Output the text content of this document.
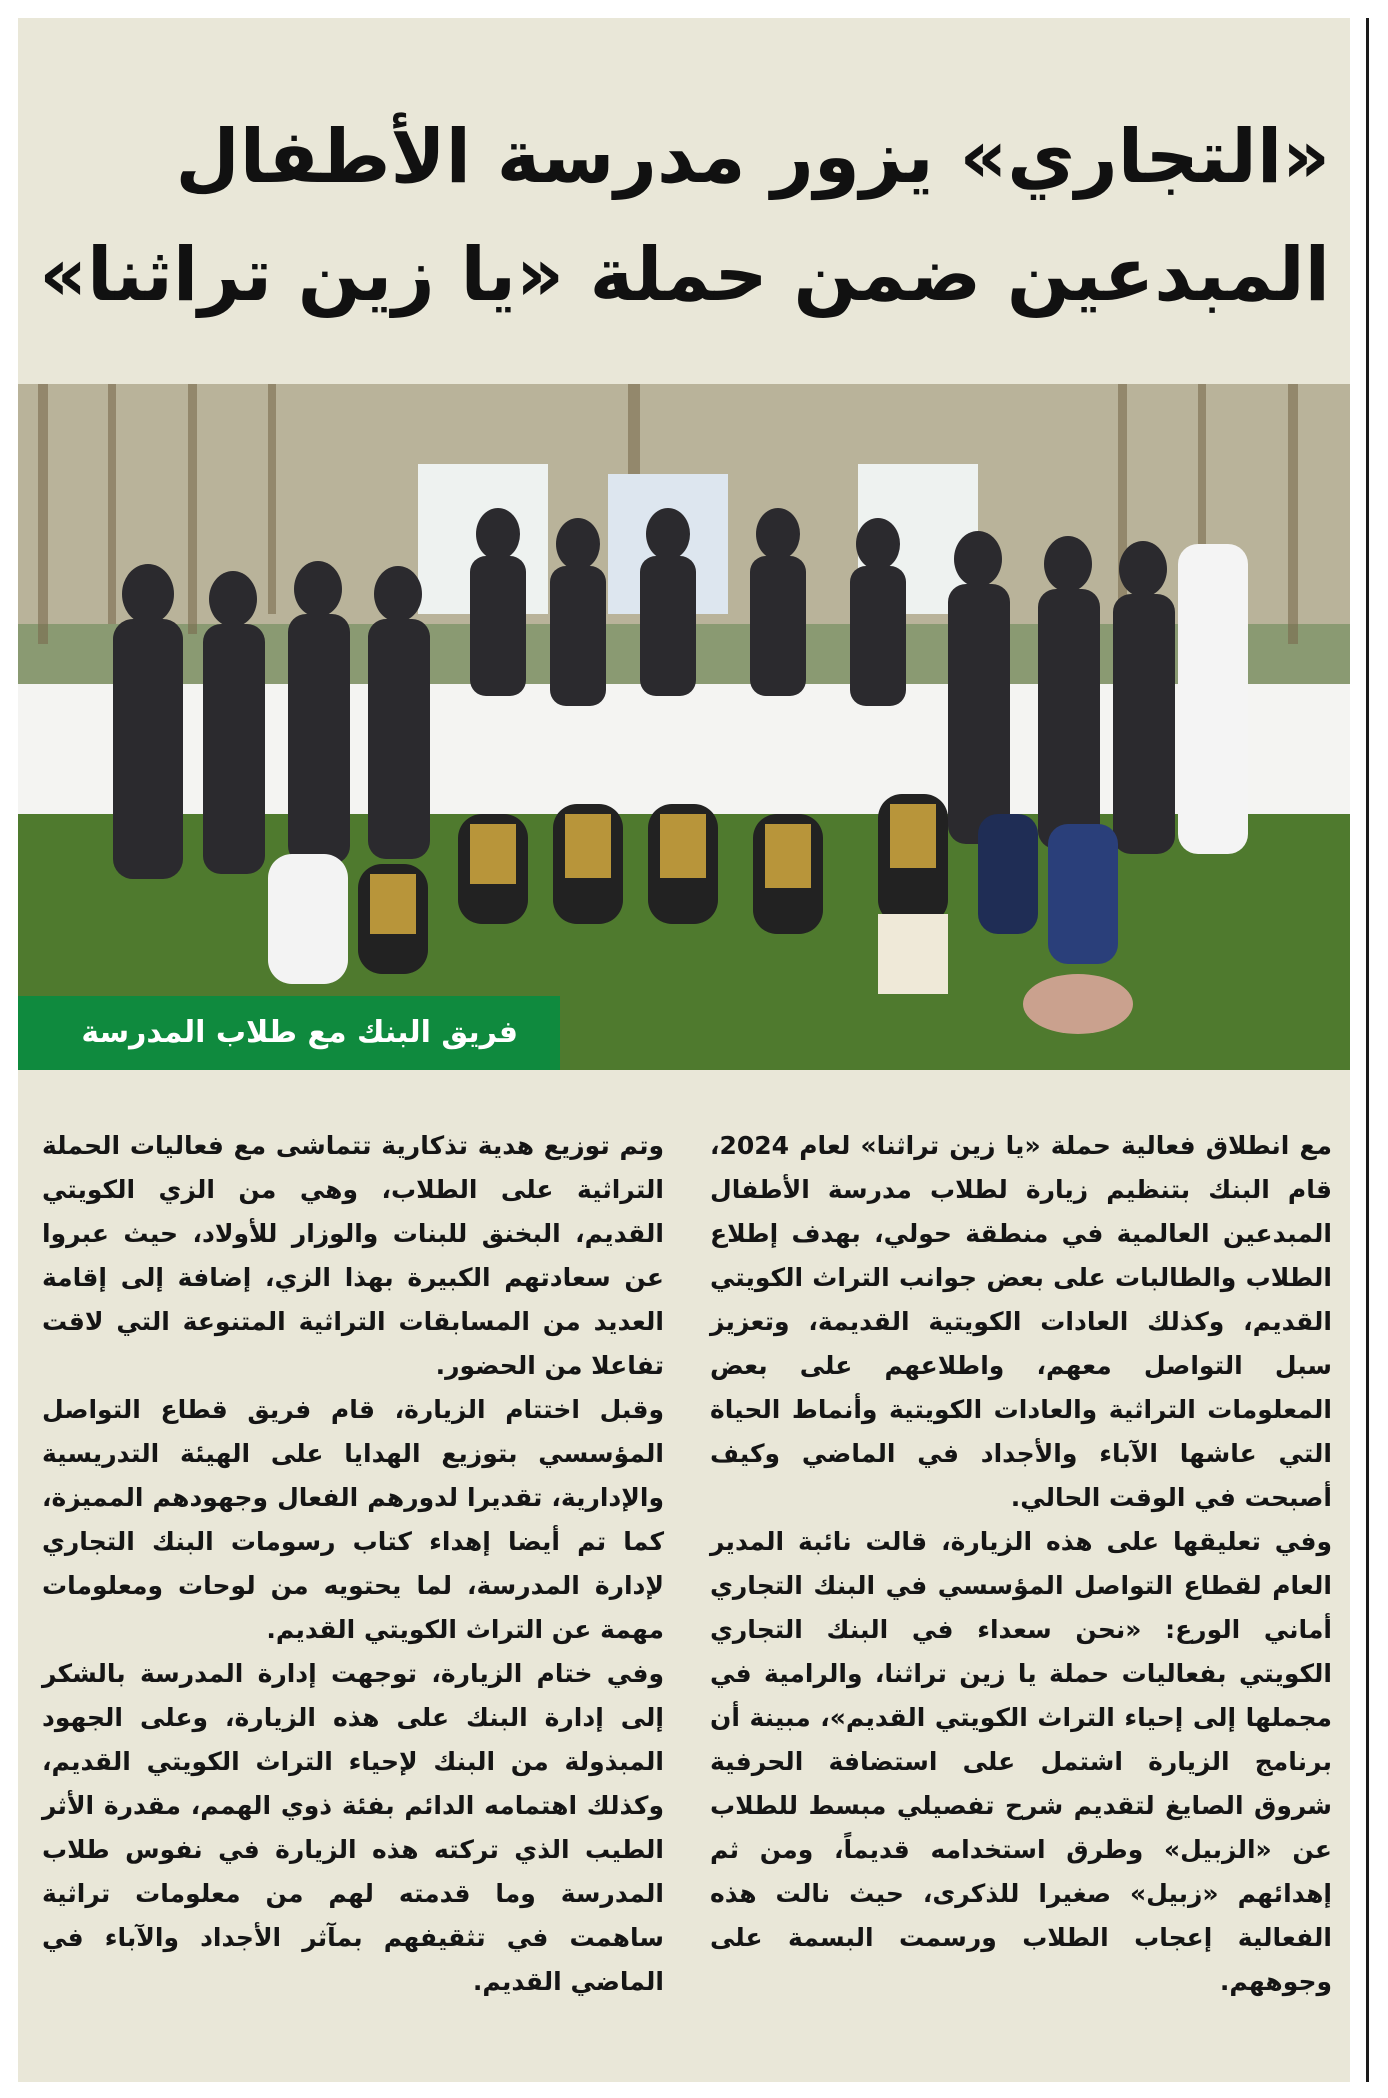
«التجاري» يزور مدرسة الأطفال
المبدعين ضمن حملة «يا زين تراثنا»
فريق البنك مع طلاب المدرسة

مع انطلاق فعالية حملة «يا زين تراثنا» لعام 2024، قام البنك بتنظيم زيارة لطلاب مدرسة الأطفال المبدعين العالمية في منطقة حولي، بهدف إطلاع الطلاب والطالبات على بعض جوانب التراث الكويتي القديم، وكذلك العادات الكويتية القديمة، وتعزيز سبل التواصل معهم، واطلاعهم على بعض المعلومات التراثية والعادات الكويتية وأنماط الحياة التي عاشها الآباء والأجداد في الماضي وكيف أصبحت في الوقت الحالي.

وفي تعليقها على هذه الزيارة، قالت نائبة المدير العام لقطاع التواصل المؤسسي في البنك التجاري أماني الورع: «نحن سعداء في البنك التجاري الكويتي بفعاليات حملة يا زين تراثنا، والرامية في مجملها إلى إحياء التراث الكويتي القديم»، مبينة أن برنامج الزيارة اشتمل على استضافة الحرفية شروق الصايغ لتقديم شرح تفصيلي مبسط للطلاب عن «الزبيل» وطرق استخدامه قديماً، ومن ثم إهدائهم «زبيل» صغيرا للذكرى، حيث نالت هذه الفعالية إعجاب الطلاب ورسمت البسمة على وجوههم.

وتم توزيع هدية تذكارية تتماشى مع فعاليات الحملة التراثية على الطلاب، وهي من الزي الكويتي القديم، البخنق للبنات والوزار للأولاد، حيث عبروا عن سعادتهم الكبيرة بهذا الزي، إضافة إلى إقامة العديد من المسابقات التراثية المتنوعة التي لاقت تفاعلا من الحضور.

وقبل اختتام الزيارة، قام فريق قطاع التواصل المؤسسي بتوزيع الهدايا على الهيئة التدريسية والإدارية، تقديرا لدورهم الفعال وجهودهم المميزة، كما تم أيضا إهداء كتاب رسومات البنك التجاري لإدارة المدرسة، لما يحتويه من لوحات ومعلومات مهمة عن التراث الكويتي القديم.

وفي ختام الزيارة، توجهت إدارة المدرسة بالشكر إلى إدارة البنك على هذه الزيارة، وعلى الجهود المبذولة من البنك لإحياء التراث الكويتي القديم، وكذلك اهتمامه الدائم بفئة ذوي الهمم، مقدرة الأثر الطيب الذي تركته هذه الزيارة في نفوس طلاب المدرسة وما قدمته لهم من معلومات تراثية ساهمت في تثقيفهم بمآثر الأجداد والآباء في الماضي القديم.
